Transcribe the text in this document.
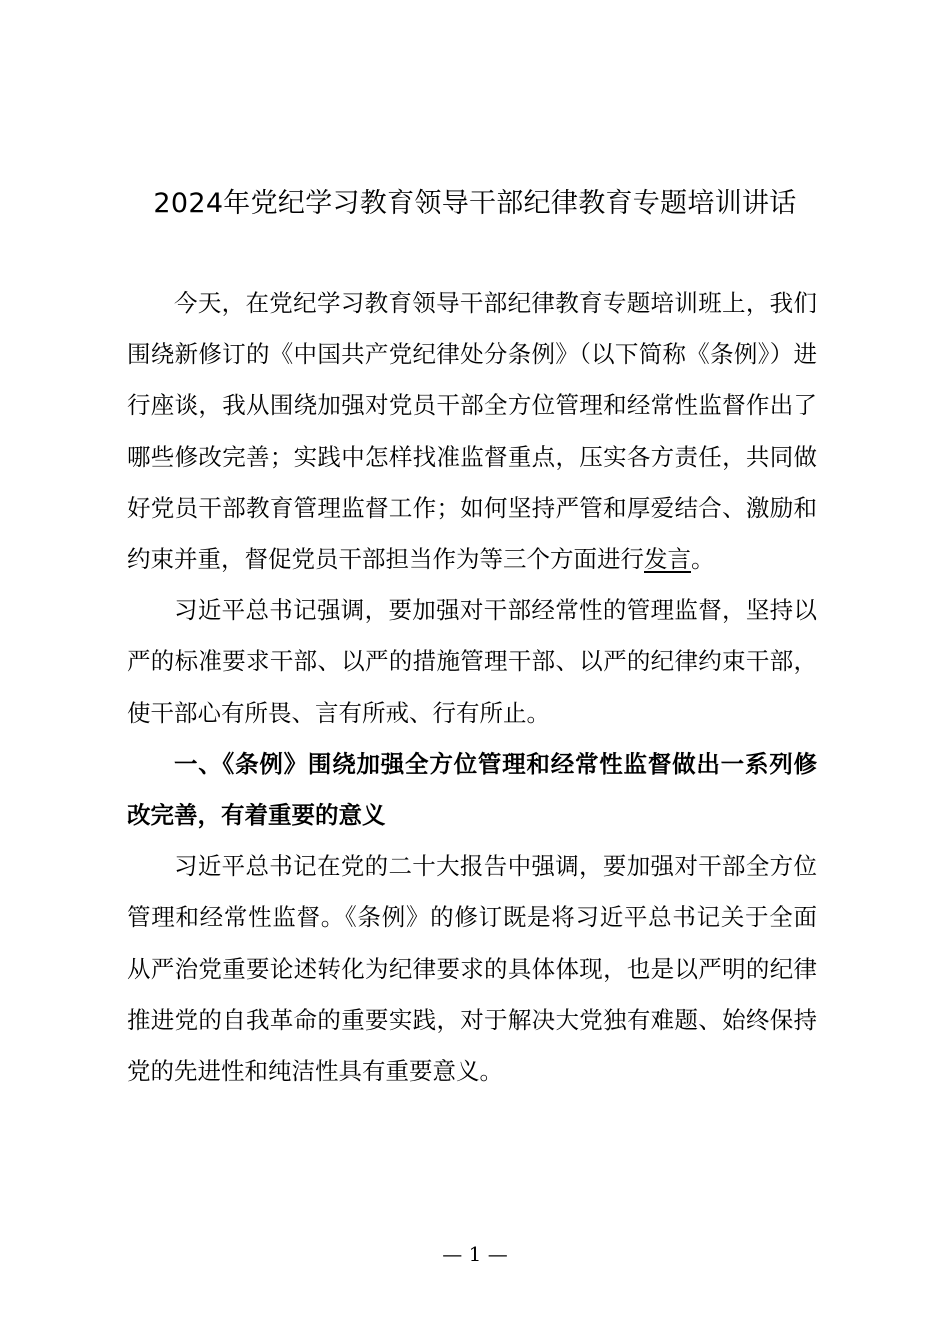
2024年党纪学习教育领导干部纪律教育专题培训讲话

今天，在党纪学习教育领导干部纪律教育专题培训班上，我们围绕新修订的《中国共产党纪律处分条例》（以下简称《条例》）进行座谈，我从围绕加强对党员干部全方位管理和经常性监督作出了哪些修改完善；实践中怎样找准监督重点，压实各方责任，共同做好党员干部教育管理监督工作；如何坚持严管和厚爱结合、激励和约束并重，督促党员干部担当作为等三个方面进行发言。

习近平总书记强调，要加强对干部经常性的管理监督，坚持以严的标准要求干部、以严的措施管理干部、以严的纪律约束干部，使干部心有所畏、言有所戒、行有所止。

一、《条例》围绕加强全方位管理和经常性监督做出一系列修改完善，有着重要的意义

习近平总书记在党的二十大报告中强调，要加强对干部全方位管理和经常性监督。《条例》的修订既是将习近平总书记关于全面从严治党重要论述转化为纪律要求的具体体现，也是以严明的纪律推进党的自我革命的重要实践，对于解决大党独有难题、始终保持党的先进性和纯洁性具有重要意义。

— 1 —
